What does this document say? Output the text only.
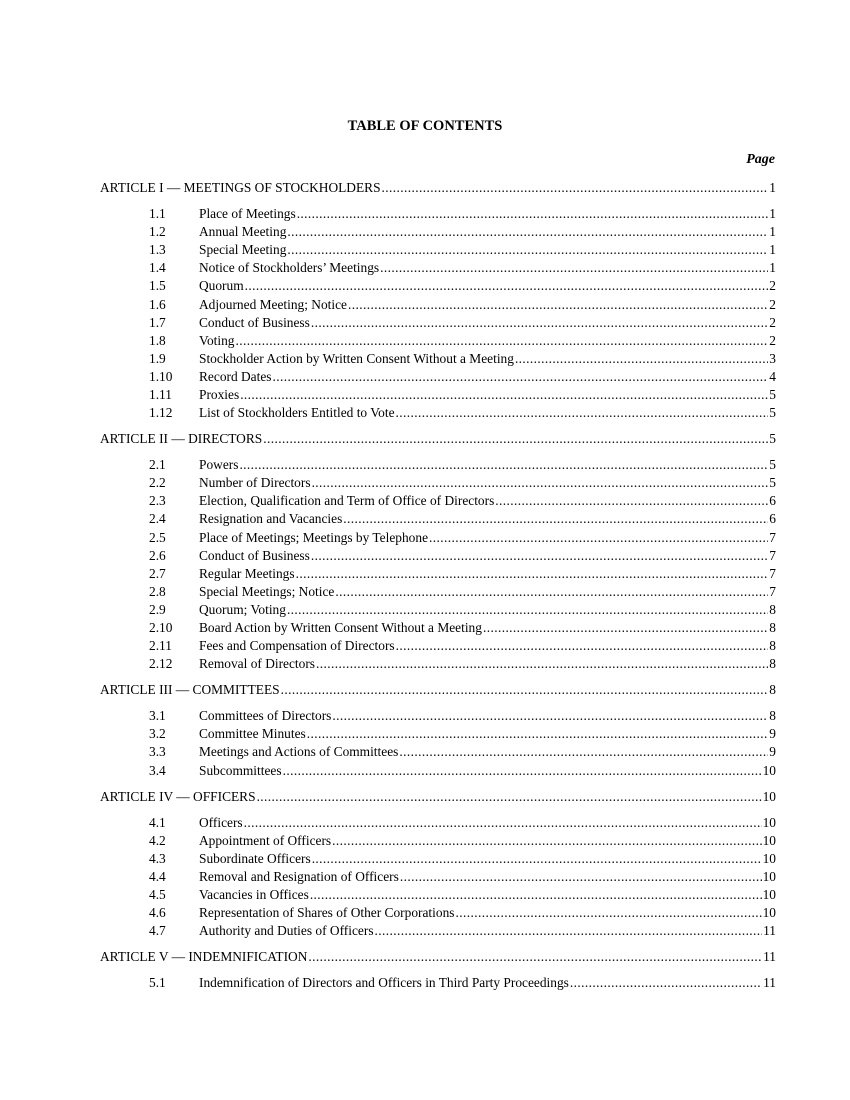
TABLE OF CONTENTS
Page
ARTICLE I — MEETINGS OF STOCKHOLDERS .....	1
1.1	Place of Meetings .....	1
1.2	Annual Meeting .....	1
1.3	Special Meeting .....	1
1.4	Notice of Stockholders’ Meetings .....	1
1.5	Quorum .....	2
1.6	Adjourned Meeting; Notice .....	2
1.7	Conduct of Business .....	2
1.8	Voting .....	2
1.9	Stockholder Action by Written Consent Without a Meeting .....	3
1.10	Record Dates .....	4
1.11	Proxies .....	5
1.12	List of Stockholders Entitled to Vote .....	5
ARTICLE II — DIRECTORS .....	5
2.1	Powers .....	5
2.2	Number of Directors .....	5
2.3	Election, Qualification and Term of Office of Directors .....	6
2.4	Resignation and Vacancies .....	6
2.5	Place of Meetings; Meetings by Telephone .....	7
2.6	Conduct of Business .....	7
2.7	Regular Meetings .....	7
2.8	Special Meetings; Notice .....	7
2.9	Quorum; Voting .....	8
2.10	Board Action by Written Consent Without a Meeting .....	8
2.11	Fees and Compensation of Directors .....	8
2.12	Removal of Directors .....	8
ARTICLE III — COMMITTEES .....	8
3.1	Committees of Directors .....	8
3.2	Committee Minutes .....	9
3.3	Meetings and Actions of Committees .....	9
3.4	Subcommittees .....	10
ARTICLE IV — OFFICERS .....	10
4.1	Officers .....	10
4.2	Appointment of Officers .....	10
4.3	Subordinate Officers .....	10
4.4	Removal and Resignation of Officers .....	10
4.5	Vacancies in Offices .....	10
4.6	Representation of Shares of Other Corporations .....	10
4.7	Authority and Duties of Officers .....	11
ARTICLE V — INDEMNIFICATION .....	11
5.1	Indemnification of Directors and Officers in Third Party Proceedings .....	11
